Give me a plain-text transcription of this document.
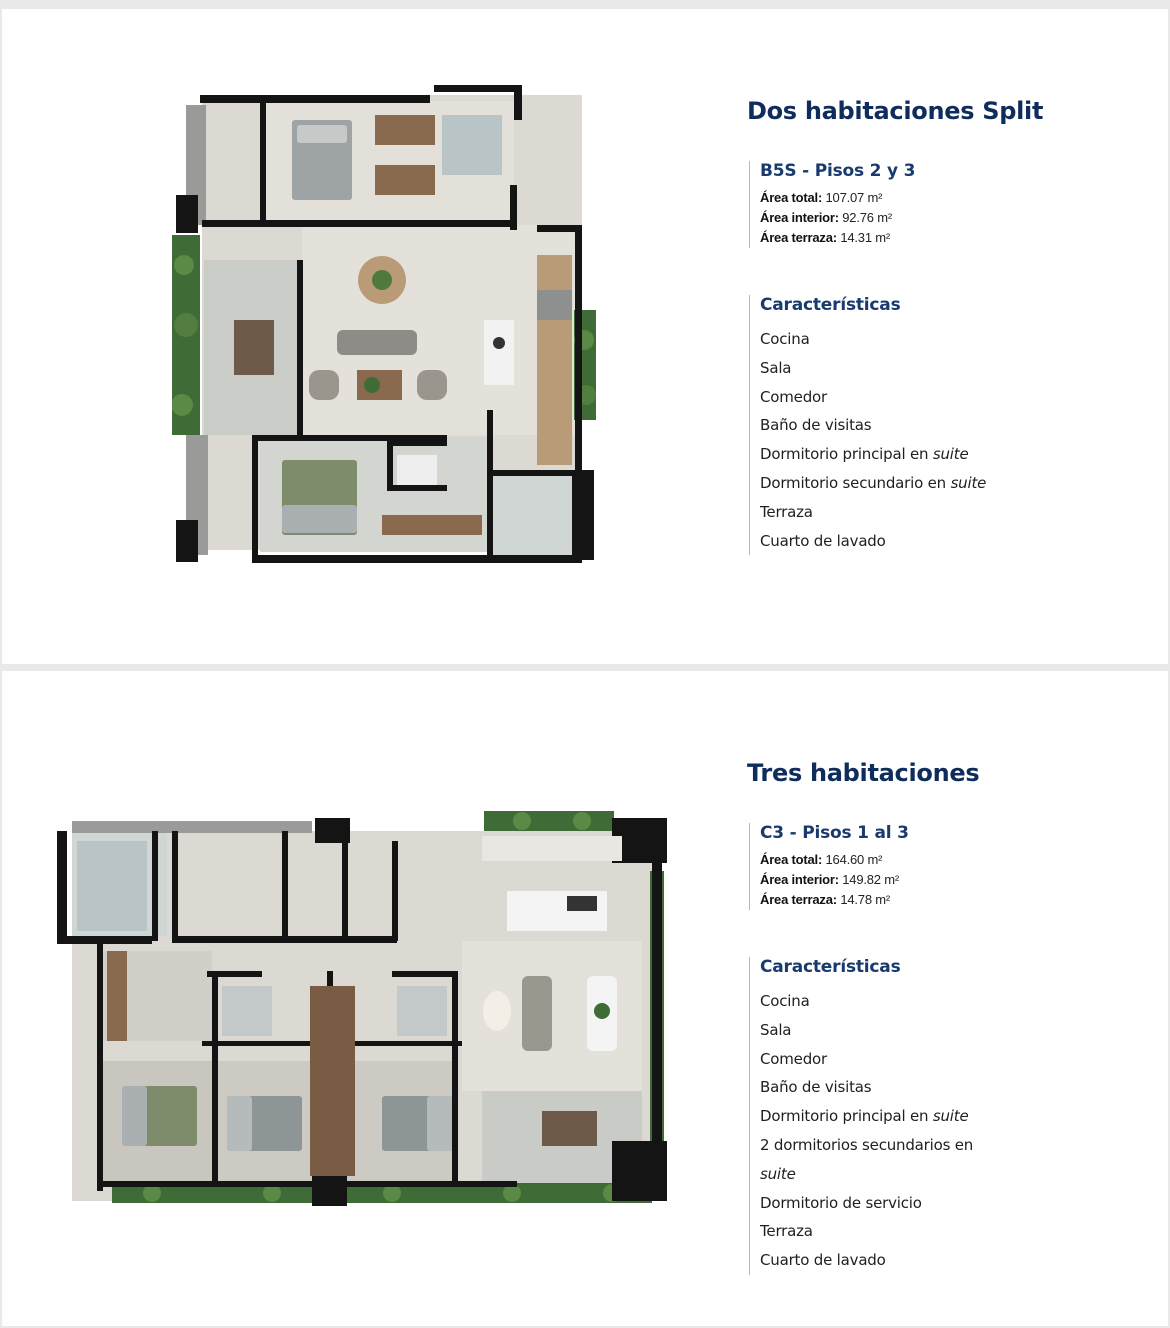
Dos habitaciones Split
B5S - Pisos 2 y 3
Área total: 107.07 m²
Área interior: 92.76 m²
Área terraza: 14.31 m²
Características
Cocina
Sala
Comedor
Baño de visitas
Dormitorio principal en suite
Dormitorio secundario en suite
Terraza
Cuarto de lavado
Tres habitaciones
C3 - Pisos 1 al 3
Área total: 164.60 m²
Área interior: 149.82 m²
Área terraza: 14.78 m²
Características
Cocina
Sala
Comedor
Baño de visitas
Dormitorio principal en suite
2 dormitorios secundarios en suite
Dormitorio de servicio
Terraza
Cuarto de lavado
